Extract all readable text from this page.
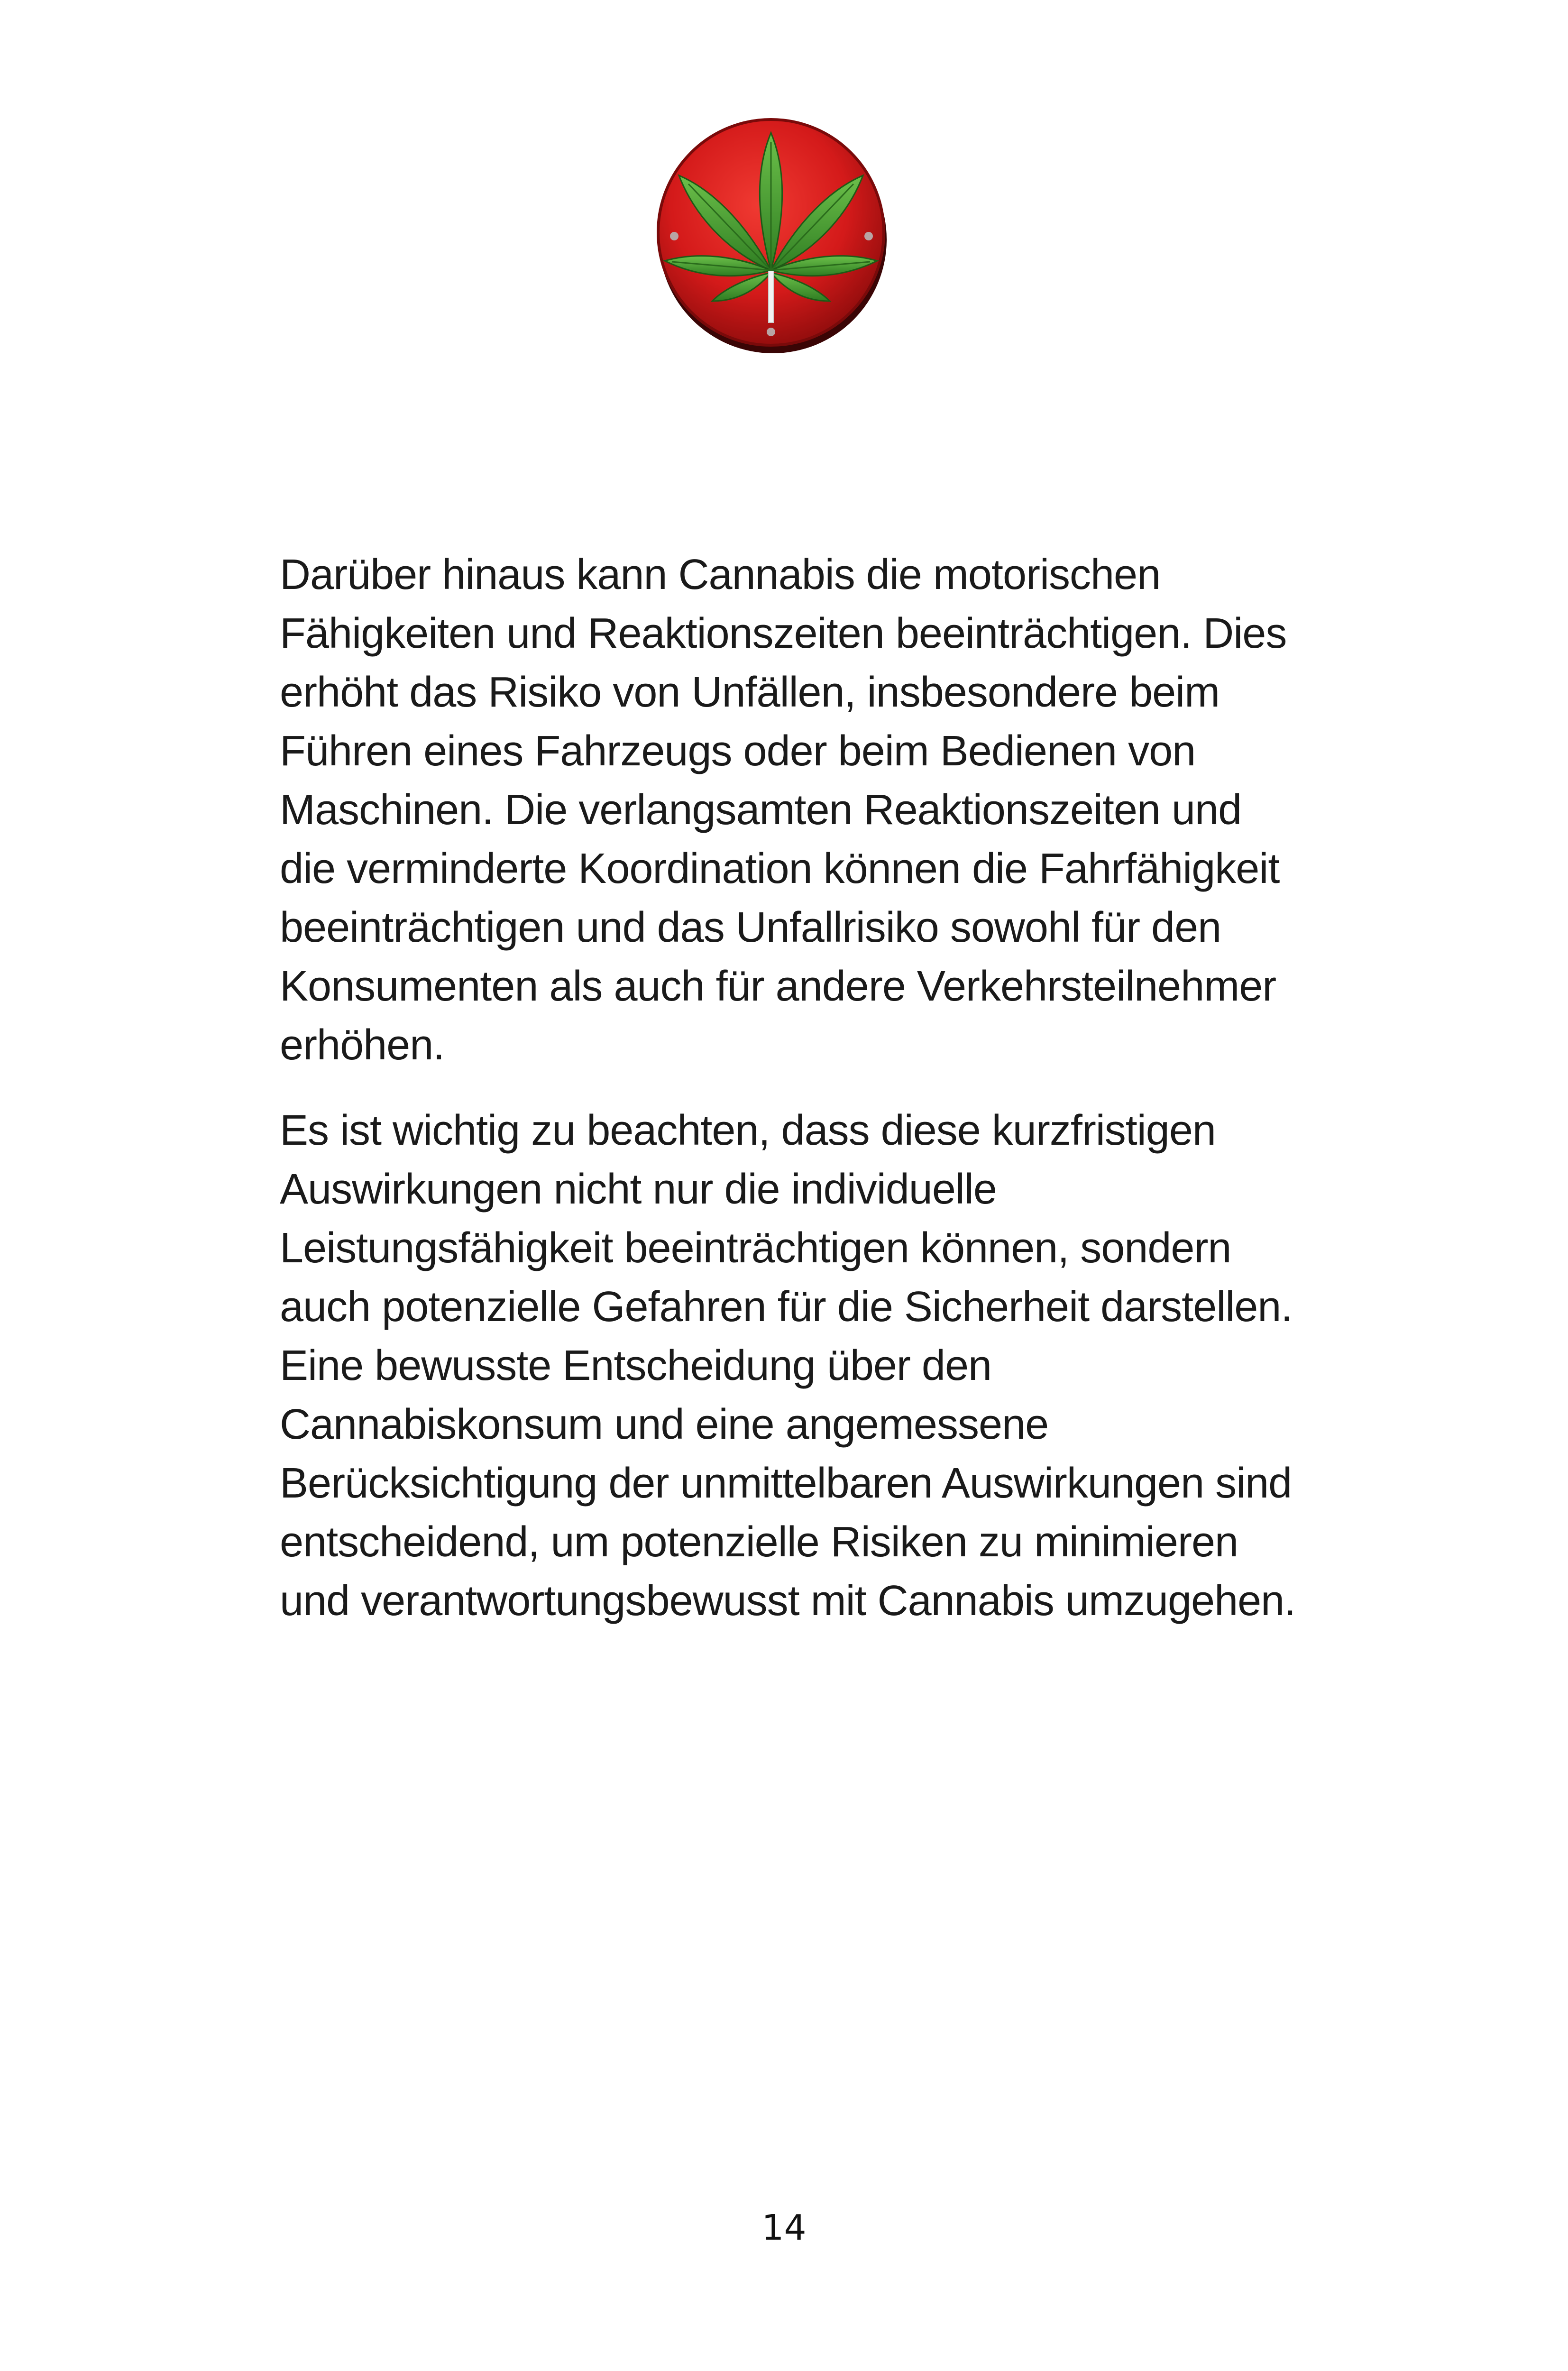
Darüber hinaus kann Cannabis die motorischen Fähigkeiten und Reaktionszeiten beeinträchtigen. Dies erhöht das Risiko von Unfällen, insbesondere beim Führen eines Fahrzeugs oder beim Bedienen von Maschinen. Die verlangsamten Reaktionszeiten und die verminderte Koordination können die Fahrfähigkeit beeinträchtigen und das Unfallrisiko sowohl für den Konsumenten als auch für andere Verkehrsteilnehmer erhöhen.

Es ist wichtig zu beachten, dass diese kurzfristigen Auswirkungen nicht nur die individuelle Leistungsfähigkeit beeinträchtigen können, sondern auch potenzielle Gefahren für die Sicherheit darstellen. Eine bewusste Entscheidung über den Cannabiskonsum und eine angemessene Berücksichtigung der unmittelbaren Auswirkungen sind entscheidend, um potenzielle Risiken zu minimieren und verantwortungsbewusst mit Cannabis umzugehen.

14
